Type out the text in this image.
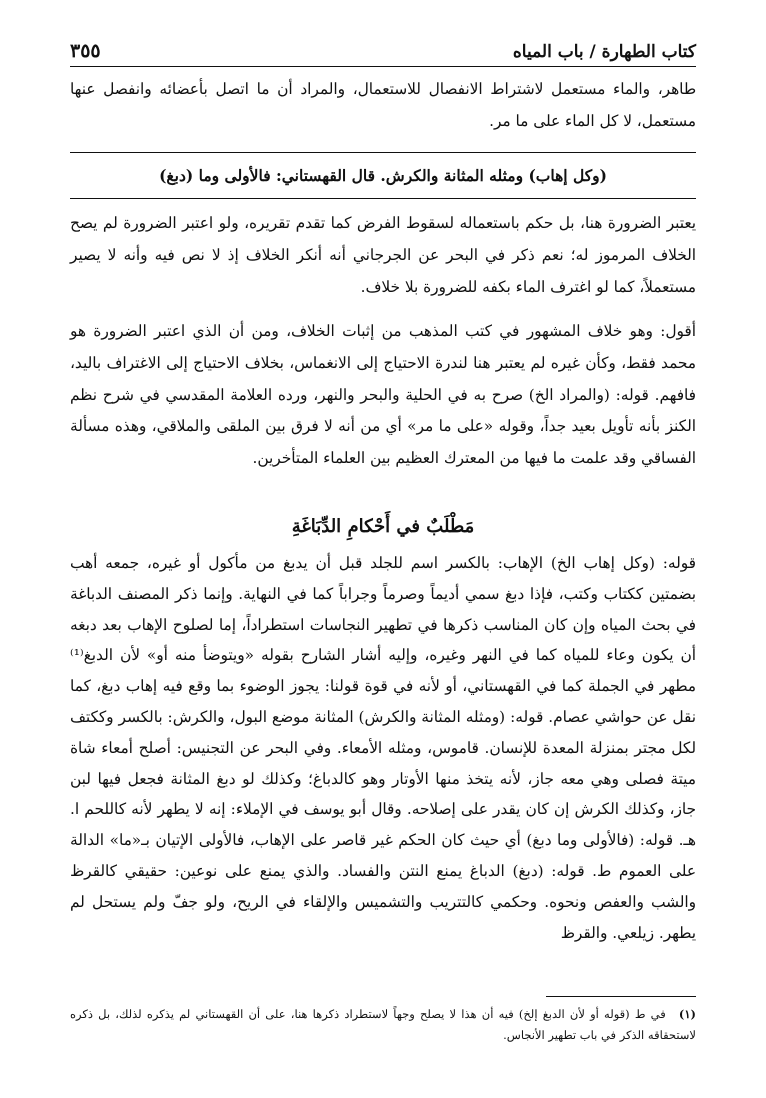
كتاب الطهارة / باب المياه
٣٥٥

طاهر، والماء مستعمل لاشتراط الانفصال للاستعمال، والمراد أن ما اتصل بأعضائه وانفصل عنها مستعمل، لا كل الماء على ما مر.

(وكل إهاب) ومثله المثانة والكرش. قال القهستاني: فالأولى وما (دبغ)

يعتبر الضرورة هنا، بل حكم باستعماله لسقوط الفرض كما تقدم تقريره، ولو اعتبر الضرورة لم يصح الخلاف المرموز له؛ نعم ذكر في البحر عن الجرجاني أنه أنكر الخلاف إذ لا نص فيه وأنه لا يصير مستعملاً، كما لو اغترف الماء بكفه للضرورة بلا خلاف.

أقول: وهو خلاف المشهور في كتب المذهب من إثبات الخلاف، ومن أن الذي اعتبر الضرورة هو محمد فقط، وكأن غيره لم يعتبر هنا لندرة الاحتياج إلى الانغماس، بخلاف الاحتياج إلى الاغتراف باليد، فافهم. قوله: (والمراد الخ) صرح به في الحلية والبحر والنهر، ورده العلامة المقدسي في شرح نظم الكنز بأنه تأويل بعيد جداً، وقوله «على ما مر» أي من أنه لا فرق بين الملقى والملاقي، وهذه مسألة الفساقي وقد علمت ما فيها من المعترك العظيم بين العلماء المتأخرين.

مَطْلَبٌ في أَحْكامِ الدِّبَاغَةِ

قوله: (وكل إهاب الخ) الإهاب: بالكسر اسم للجلد قبل أن يدبغ من مأكول أو غيره، جمعه أهب بضمتين ككتاب وكتب، فإذا دبغ سمي أديماً وصرماً وجراباً كما في النهاية. وإنما ذكر المصنف الدباغة في بحث المياه وإن كان المناسب ذكرها في تطهير النجاسات استطراداً، إما لصلوح الإهاب بعد دبغه أن يكون وعاء للمياه كما في النهر وغيره، وإليه أشار الشارح بقوله «ويتوضأ منه أو» لأن الدبغ⁽¹⁾ مطهر في الجملة كما في القهستاني، أو لأنه في قوة قولنا: يجوز الوضوء بما وقع فيه إهاب دبغ، كما نقل عن حواشي عصام. قوله: (ومثله المثانة والكرش) المثانة موضع البول، والكرش: بالكسر وككتف لكل مجتر بمنزلة المعدة للإنسان. قاموس، ومثله الأمعاء. وفي البحر عن التجنيس: أصلح أمعاء شاة ميتة فصلى وهي معه جاز، لأنه يتخذ منها الأوتار وهو كالدباغ؛ وكذلك لو دبغ المثانة فجعل فيها لبن جاز، وكذلك الكرش إن كان يقدر على إصلاحه. وقال أبو يوسف في الإملاء: إنه لا يطهر لأنه كاللحم ا. هـ. قوله: (فالأولى وما دبغ) أي حيث كان الحكم غير قاصر على الإهاب، فالأولى الإتيان بـ«ما» الدالة على العموم ط. قوله: (دبغ) الدباغ يمنع النتن والفساد. والذي يمنع على نوعين: حقيقي كالقرظ والشب والعفص ونحوه. وحكمي كالتتريب والتشميس والإلقاء في الريح، ولو جفّ ولم يستحل لم يطهر. زيلعي. والقرظ

(١) في ط (قوله أو لأن الدبغ إلخ) فيه أن هذا لا يصلح وجهاً لاستطراد ذكرها هنا، على أن القهستاني لم يذكره لذلك، بل ذكره لاستحقاقه الذكر في باب تطهير الأنجاس.
